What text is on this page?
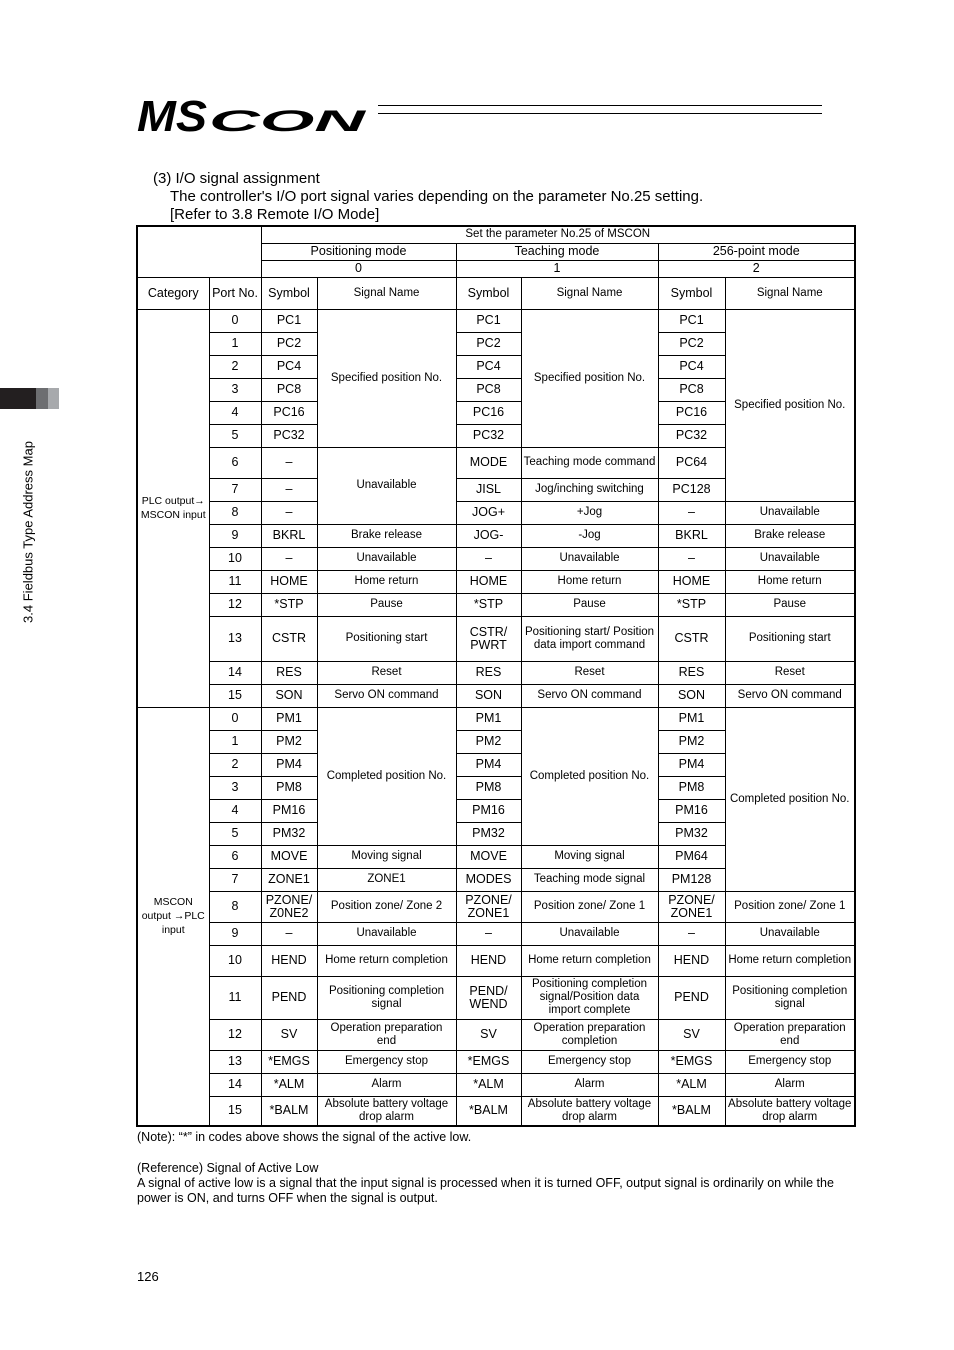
MS CON
3.4 Fieldbus Type Address Map
(3) I/O signal assignment
The controller's I/O port signal varies depending on the parameter No.25 setting.
[Refer to 3.8 Remote I/O Mode]
		Set the parameter No.25 of MSCON					
		Positioning mode		Teaching mode		256-point mode	
		0		1		2	
Category	Port No.	Symbol	Signal Name	Symbol	Signal Name	Symbol	Signal Name
PLC output→ MSCON input	0	PC1	Specified position No.	PC1	Specified position No.	PC1	Specified position No.
	1	PC2		PC2		PC2	
	2	PC4		PC4		PC4	
	3	PC8		PC8		PC8	
	4	PC16		PC16		PC16	
	5	PC32		PC32		PC32	
	6	–	Unavailable	MODE	Teaching mode command	PC64	
	7	–		JISL	Jog/inching switching	PC128	
	8	–		JOG+	+Jog	–	Unavailable
	9	BKRL	Brake release	JOG-	-Jog	BKRL	Brake release
	10	–	Unavailable	–	Unavailable	–	Unavailable
	11	HOME	Home return	HOME	Home return	HOME	Home return
	12	*STP	Pause	*STP	Pause	*STP	Pause
	13	CSTR	Positioning start	CSTR/ PWRT	Positioning start/ Position data import command	CSTR	Positioning start
	14	RES	Reset	RES	Reset	RES	Reset
	15	SON	Servo ON command	SON	Servo ON command	SON	Servo ON command
MSCON output →PLC input	0	PM1	Completed position No.	PM1	Completed position No.	PM1	Completed position No.
	1	PM2		PM2		PM2	
	2	PM4		PM4		PM4	
	3	PM8		PM8		PM8	
	4	PM16		PM16		PM16	
	5	PM32		PM32		PM32	
	6	MOVE	Moving signal	MOVE	Moving signal	PM64	
	7	ZONE1	ZONE1	MODES	Teaching mode signal	PM128	
	8	PZONE/ Z0NE2	Position zone/ Zone 2	PZONE/ ZONE1	Position zone/ Zone 1	PZONE/ ZONE1	Position zone/ Zone 1
	9	–	Unavailable	–	Unavailable	–	Unavailable
	10	HEND	Home return completion	HEND	Home return completion	HEND	Home return completion
	11	PEND	Positioning completion signal	PEND/ WEND	Positioning completion signal/Position data import complete	PEND	Positioning completion signal
	12	SV	Operation preparation end	SV	Operation preparation completion	SV	Operation preparation end
	13	*EMGS	Emergency stop	*EMGS	Emergency stop	*EMGS	Emergency stop
	14	*ALM	Alarm	*ALM	Alarm	*ALM	Alarm
	15	*BALM	Absolute battery voltage drop alarm	*BALM	Absolute battery voltage drop alarm	*BALM	Absolute battery voltage drop alarm
(Note): “*” in codes above shows the signal of the active low.
(Reference) Signal of Active Low
A signal of active low is a signal that the input signal is processed when it is turned OFF, output signal is ordinarily on while the power is ON, and turns OFF when the signal is output.
126
